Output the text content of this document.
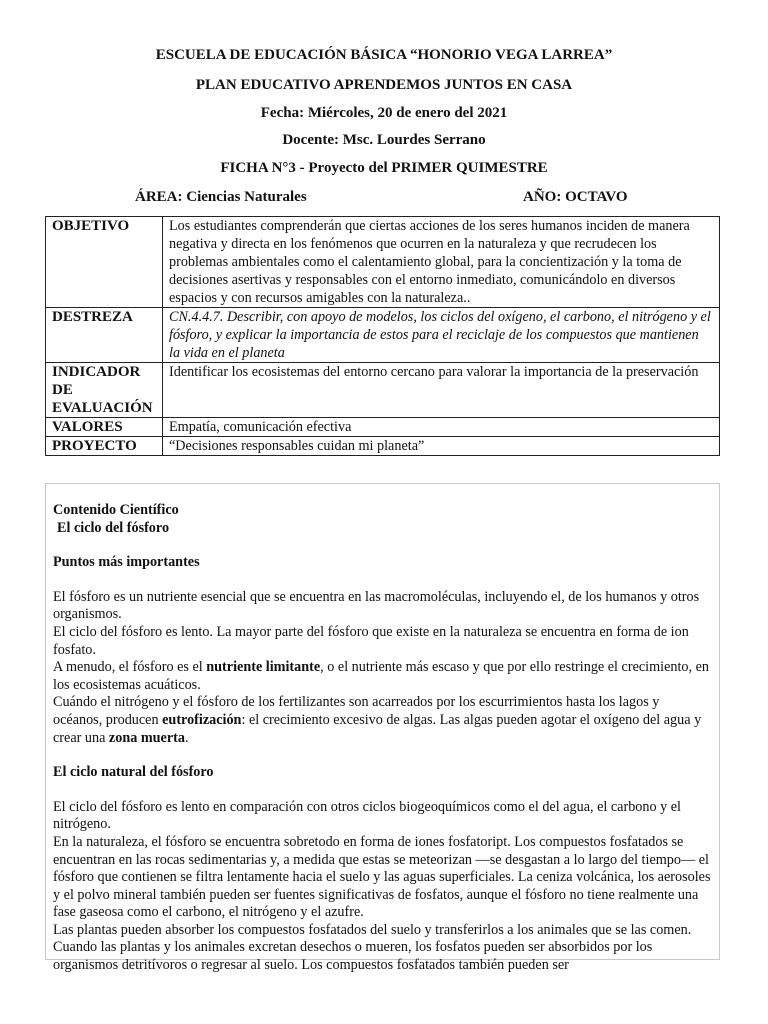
ESCUELA DE EDUCACIÓN BÁSICA “HONORIO VEGA LARREA”
PLAN EDUCATIVO APRENDEMOS JUNTOS EN CASA
Fecha: Miércoles, 20 de enero del 2021
Docente: Msc. Lourdes Serrano
FICHA N°3 - Proyecto del PRIMER QUIMESTRE
ÁREA: Ciencias Naturales	AÑO: OCTAVO
OBJETIVO	Los estudiantes comprenderán que ciertas acciones de los seres humanos inciden de manera negativa y directa en los fenómenos que ocurren en la naturaleza y que recrudecen los problemas ambientales como el calentamiento global, para la concientización y la toma de decisiones asertivas y responsables con el entorno inmediato, comunicándolo en diversos espacios y con recursos amigables con la naturaleza..
DESTREZA	CN.4.4.7. Describir, con apoyo de modelos, los ciclos del oxígeno, el carbono, el nitrógeno y el fósforo, y explicar la importancia de estos para el reciclaje de los compuestos que mantienen la vida en el planeta

INDICADOR
DE
EVALUACIÓN	Identificar los ecosistemas del entorno cercano para valorar la importancia de la preservación
VALORES	Empatía, comunicación efectiva
PROYECTO	“Decisiones responsables cuidan mi planeta”
Contenido Científico
El ciclo del fósforo
Puntos más importantes

El fósforo es un nutriente esencial que se encuentra en las macromoléculas, incluyendo el, de los humanos y otros organismos.

El ciclo del fósforo es lento. La mayor parte del fósforo que existe en la naturaleza se encuentra en forma de ion fosfato.

A menudo, el fósforo es el nutriente limitante, o el nutriente más escaso y que por ello restringe el crecimiento, en los ecosistemas acuáticos.

Cuándo el nitrógeno y el fósforo de los fertilizantes son acarreados por los escurrimientos hasta los lagos y océanos, producen eutrofización: el crecimiento excesivo de algas. Las algas pueden agotar el oxígeno del agua y crear una zona muerta.

El ciclo natural del fósforo

El ciclo del fósforo es lento en comparación con otros ciclos biogeoquímicos como el del agua, el carbono y el nitrógeno.

En la naturaleza, el fósforo se encuentra sobretodo en forma de iones fosfatoript. Los compuestos fosfatados se encuentran en las rocas sedimentarias y, a medida que estas se meteorizan —se desgastan a lo largo del tiempo— el fósforo que contienen se filtra lentamente hacia el suelo y las aguas superficiales. La ceniza volcánica, los aerosoles y el polvo mineral también pueden ser fuentes significativas de fosfatos, aunque el fósforo no tiene realmente una fase gaseosa como el carbono, el nitrógeno y el azufre.

Las plantas pueden absorber los compuestos fosfatados del suelo y transferirlos a los animales que se las comen. Cuando las plantas y los animales excretan desechos o mueren, los fosfatos pueden ser absorbidos por los organismos detritívoros o regresar al suelo. Los compuestos fosfatados también pueden ser
